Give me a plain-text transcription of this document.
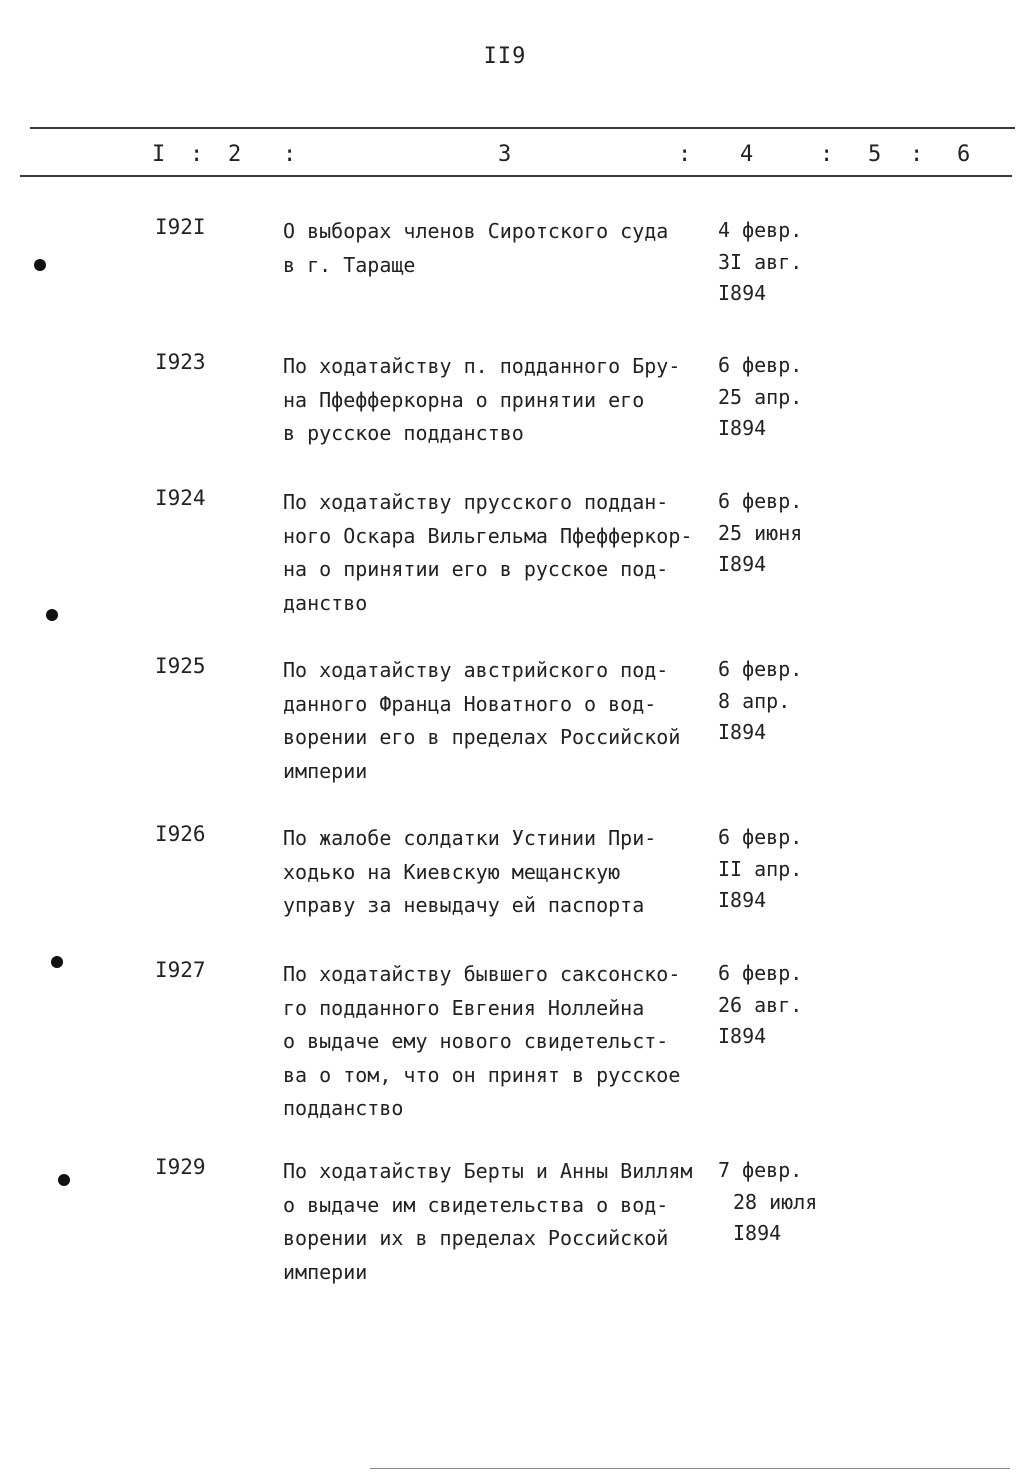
II9
I : 2 :	3	: 4	: 5 : 6
I92I	О выборах членов Сиротского суда
в г. Тараще
4 февр.
3I авг.
I894
I923	По ходатайству п. подданного Бру-
на Пфефферкорна о принятии его
в русское подданство
6 февр.
25 апр.
I894
I924	По ходатайству прусского поддан-
ного Оскара Вильгельма Пфефферкор-
на о принятии его в русское под-
данство
6 февр.
25 июня
I894
I925	По ходатайству австрийского под-
данного Франца Новатного о вод-
ворении его в пределах Российской
империи
6 февр.
8 апр.
I894
I926	По жалобе солдатки Устинии При-
ходько на Киевскую мещанскую
управу за невыдачу ей паспорта
6 февр.
II апр.
I894
I927	По ходатайству бывшего саксонско-
го подданного Евгения Ноллейна
о выдаче ему нового свидетельст-
ва о том, что он принят в русское
подданство
6 февр.
26 авг.
I894
I929	По ходатайству Берты и Анны Виллям
о выдаче им свидетельства о вод-
ворении их в пределах Российской
империи
7 февр.
28 июля
I894
